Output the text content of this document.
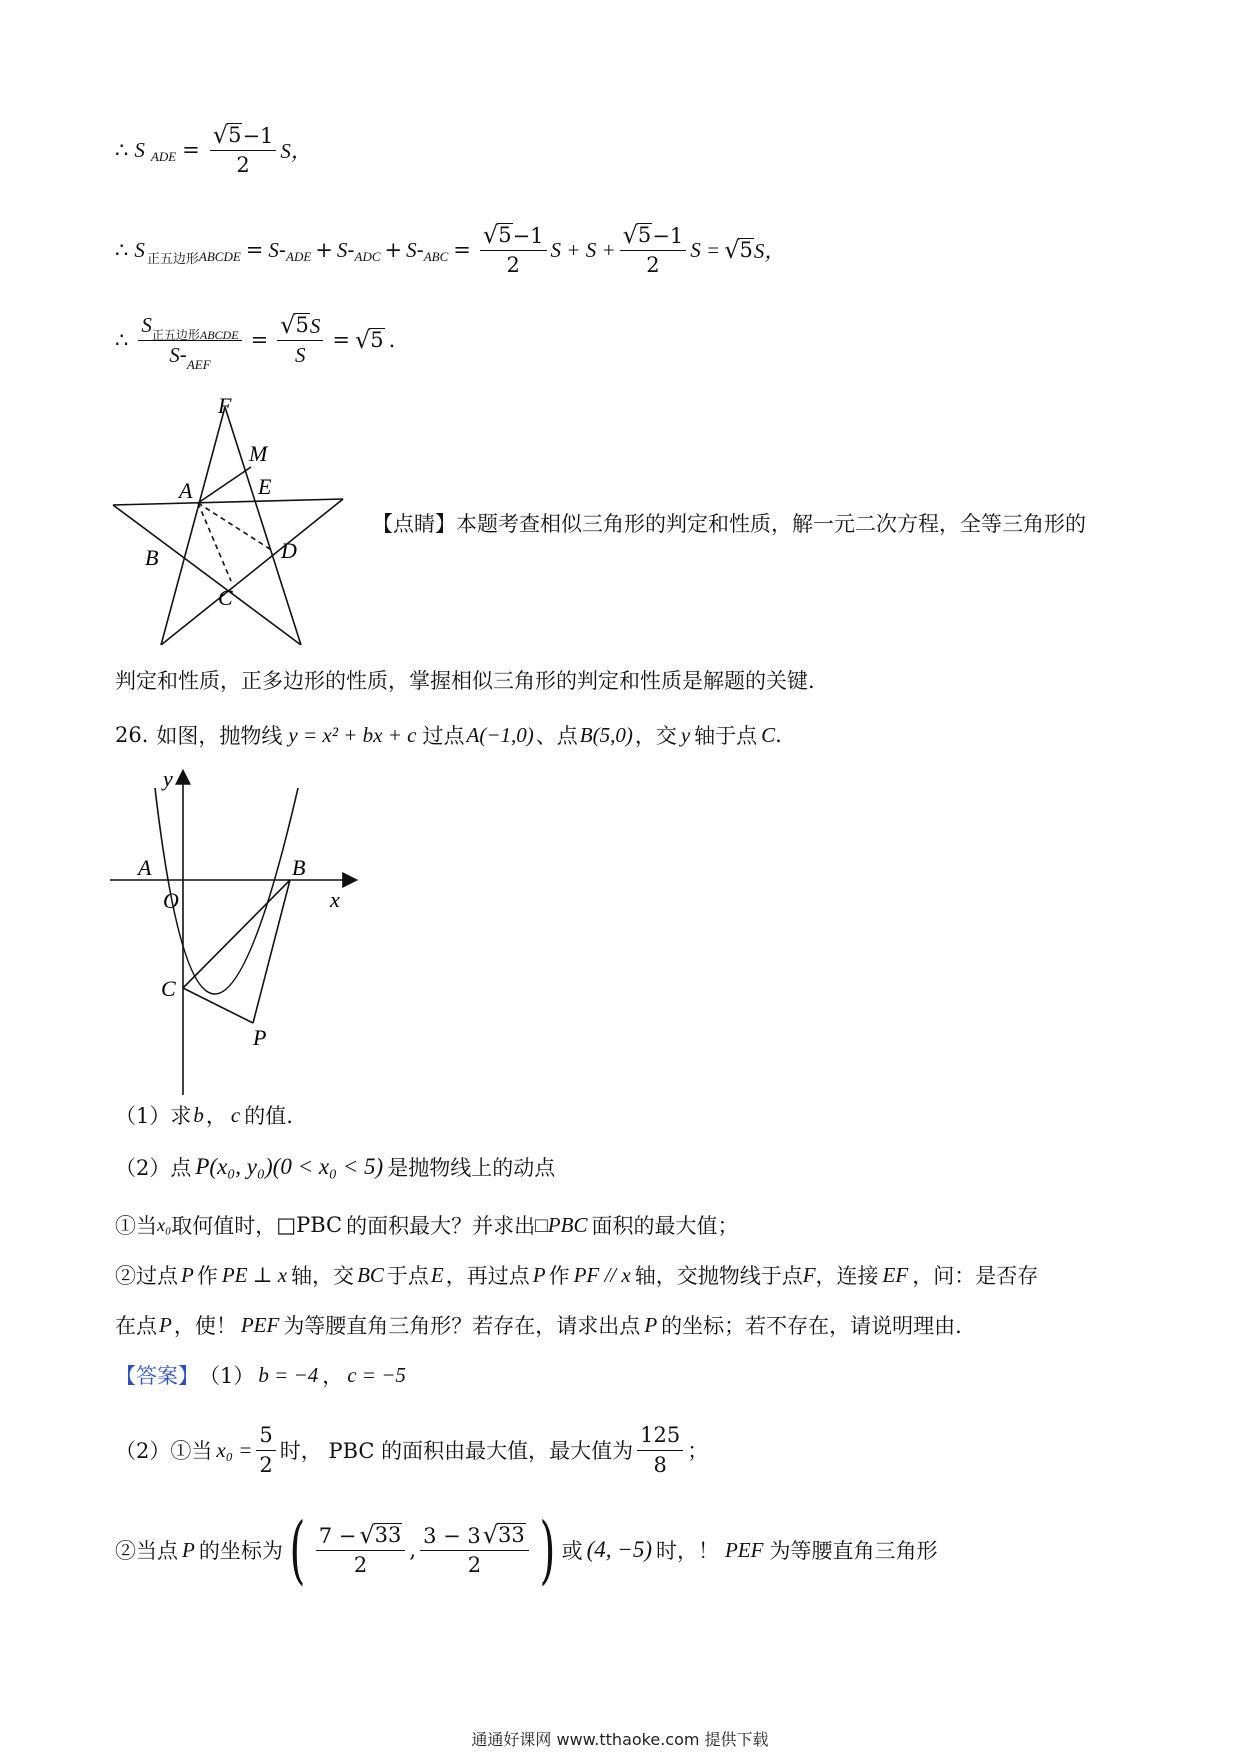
∴ S ADE = $\frac{√ 5 -1}{2}$ S，
∴ S 正五边形 ABCDE = S - ADE + S - ADC + S - ABC = $\frac{√ 5 -1}{2}$ $S + S + \frac{√ 5 -1}{2}$ S = √ 5 S，
∴ $\frac{S_{正五边形ABCDE}}{S-_{AEF}} = \frac{√ 5 S}{S}$ = √ 5 .
F
M
A	E
B	D
C
【点睛】 本题考查相似三角形的判定和性质，解一元二次方程，全等三角形的
判定和性质，正多边形的性质，掌握相似三角形的判定和性质是解题的关键.
26. 如图，抛物线 y = x² + bx + c 过点 A(−1,0) 、点 B(5,0) ，交 y 轴于点 C .
y
x
A
O
B
C
P
（1）求 b ， c 的值.
（2）点 P(x₀, y₀) (0 < x₀ < 5) 是抛物线上的动点
①当 x₀ 取何值时， □PBC 的面积最大？并求出 □PBC 面积的最大值；
②过点 P 作 PE ⊥ x 轴，交 BC 于点 E ，再过点 P 作 PF // x 轴，交抛物线于点 F ，连接 EF ，问：是否存
在点 P ，使！ PEF 为等腰直角三角形？若存在，请求出点 P 的坐标；若不存在，请说明理由.
【答案】 （1） b = −4 ， c = −5
（2）①当 $x_0 = \frac{5}{2}$ 时， PBC 的面积由最大值，最大值为 $\frac{125}{8}$ ；
②当点 P 的坐标为 ( $\frac{7 - √ 33}{2}$ , $\frac{3 - 3 √ 33}{2}$ ) 或 (4, −5) 时，！ PEF 为等腰直角三角形
通通好课网 www.tthaoke.com 提供下载
